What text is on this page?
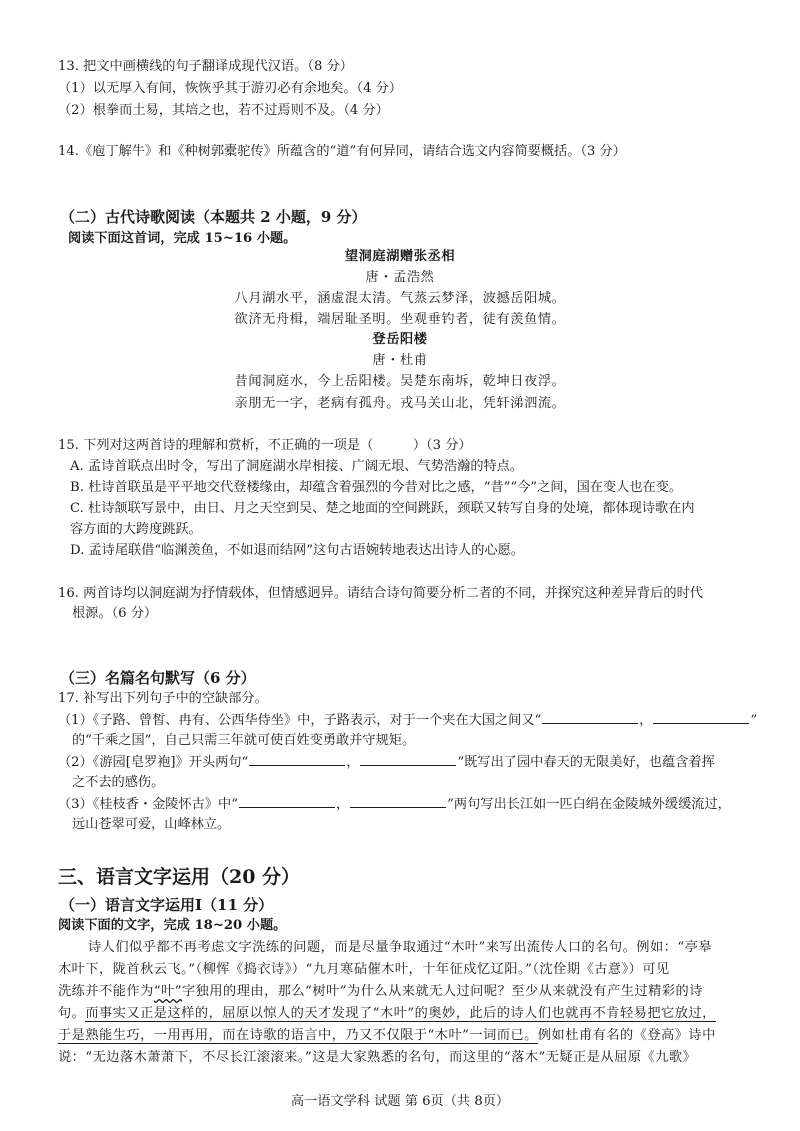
13. 把文中画横线的句子翻译成现代汉语。（8 分）
（1）以无厚入有间，恢恢乎其于游刃必有余地矣。（4 分）
（2）根拳而土易，其培之也，若不过焉则不及。（4 分）
14.《庖丁解牛》和《种树郭橐驼传》所蕴含的“道”有何异同，请结合选文内容简要概括。（3 分）
（二）古代诗歌阅读（本题共 2 小题，9 分）
阅读下面这首词，完成 15~16 小题。
望洞庭湖赠张丞相
唐・孟浩然
八月湖水平，涵虚混太清。气蒸云梦泽，波撼岳阳城。
欲济无舟楫，端居耻圣明。坐观垂钓者，徒有羡鱼情。
登岳阳楼
唐・杜甫
昔闻洞庭水，今上岳阳楼。吴楚东南坼，乾坤日夜浮。
亲朋无一字，老病有孤舟。戎马关山北，凭轩涕泗流。
15. 下列对这两首诗的理解和赏析，不正确的一项是（　　　）（3 分）
A. 孟诗首联点出时令，写出了洞庭湖水岸相接、广阔无垠、气势浩瀚的特点。
B. 杜诗首联虽是平平地交代登楼缘由，却蕴含着强烈的今昔对比之感，“昔”“今”之间，国在变人也在变。
C. 杜诗颔联写景中，由日、月之天空到吴、楚之地面的空间跳跃，颈联又转写自身的处境，都体现诗歌在内
容方面的大跨度跳跃。
D. 孟诗尾联借“临渊羡鱼，不如退而结网”这句古语婉转地表达出诗人的心愿。
16. 两首诗均以洞庭湖为抒情载体，但情感迥异。请结合诗句简要分析二者的不同，并探究这种差异背后的时代
根源。（6 分）
（三）名篇名句默写（6 分）
17. 补写出下列句子中的空缺部分。
（1）《子路、曾皙、冉有、公西华侍坐》中，子路表示，对于一个夹在大国之间又“	，	”
的“千乘之国”，自己只需三年就可使百姓变勇敢并守规矩。
（2）《游园[皂罗袍]》开头两句“	，	”既写出了园中春天的无限美好，也蕴含着挥
之不去的感伤。
（3）《桂枝香・金陵怀古》中“	，	”两句写出长江如一匹白绢在金陵城外缓缓流过，
远山苍翠可爱，山峰林立。
三、语言文字运用（20 分）
（一）语言文字运用Ⅰ（11 分）
阅读下面的文字，完成 18~20 小题。
诗人们似乎都不再考虑文字洗练的问题，而是尽量争取通过“木叶”来写出流传人口的名句。例如：“亭皋
木叶下，陇首秋云飞。”（柳恽《捣衣诗》）“九月寒砧催木叶，十年征戍忆辽阳。”（沈佺期《古意》）可见
洗练并不能作为“叶”字独用的理由，那么“树叶”为什么从来就无人过问呢？至少从来就没有产生过精彩的诗
句。而事实又正是这样的，屈原以惊人的天才发现了“木叶”的奥妙，此后的诗人们也就再不肯轻易把它放过，
于是熟能生巧，一用再用，而在诗歌的语言中，乃又不仅限于“木叶”一词而已。例如杜甫有名的《登高》诗中
说：“无边落木萧萧下，不尽长江滚滚来。”这是大家熟悉的名句，而这里的“落木”无疑正是从屈原《九歌》
高一语文学科 试题 第 6页（共 8页）
